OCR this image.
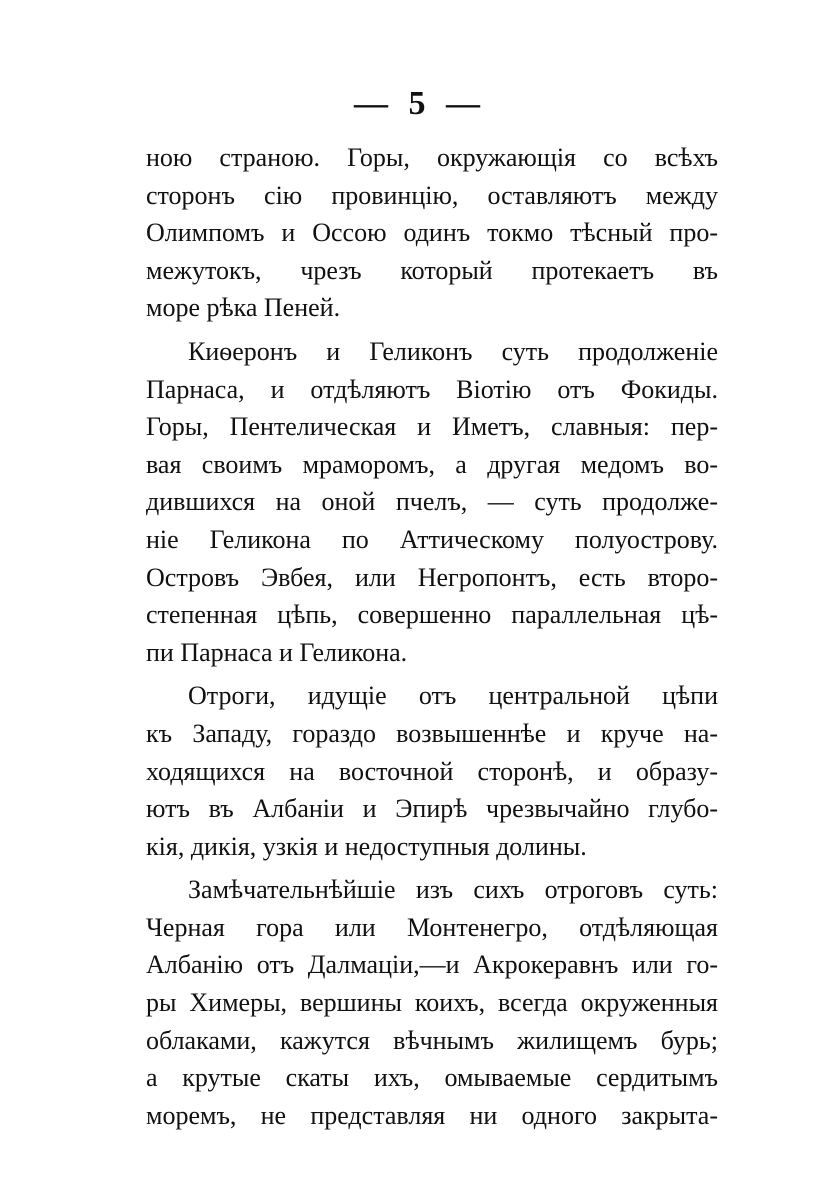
— 5 —
ною страною. Горы, окружающія со всѣхъ
сторонъ сію провинцію, оставляютъ между
Олимпомъ и Оссою одинъ токмо тѣсный про-
межутокъ, чрезъ который протекаетъ въ
море рѣка Пеней.
Киѳеронъ и Геликонъ суть продолженіе
Парнаса, и отдѣляютъ Віотію отъ Фокиды.
Горы, Пентелическая и Иметъ, славныя: пер-
вая своимъ мраморомъ, а другая медомъ во-
дившихся на оной пчелъ, — суть продолже-
ніе Геликона по Аттическому полуострову.
Островъ Эвбея, или Негропонтъ, есть второ-
степенная цѣпь, совершенно параллельная цѣ-
пи Парнаса и Геликона.
Отроги, идущіе отъ центральной цѣпи
къ Западу, гораздо возвышеннѣе и круче на-
ходящихся на восточной сторонѣ, и образу-
ютъ въ Албаніи и Эпирѣ чрезвычайно глубо-
кія, дикія, узкія и недоступныя долины.
Замѣчательнѣйшіе изъ сихъ отроговъ суть:
Черная гора или Монтенегро, отдѣляющая
Албанію отъ Далмаціи,—и Акрокеравнъ или го-
ры Химеры, вершины коихъ, всегда окруженныя
облаками, кажутся вѣчнымъ жилищемъ бурь;
а крутые скаты ихъ, омываемые сердитымъ
моремъ, не представляя ни одного закрыта-
